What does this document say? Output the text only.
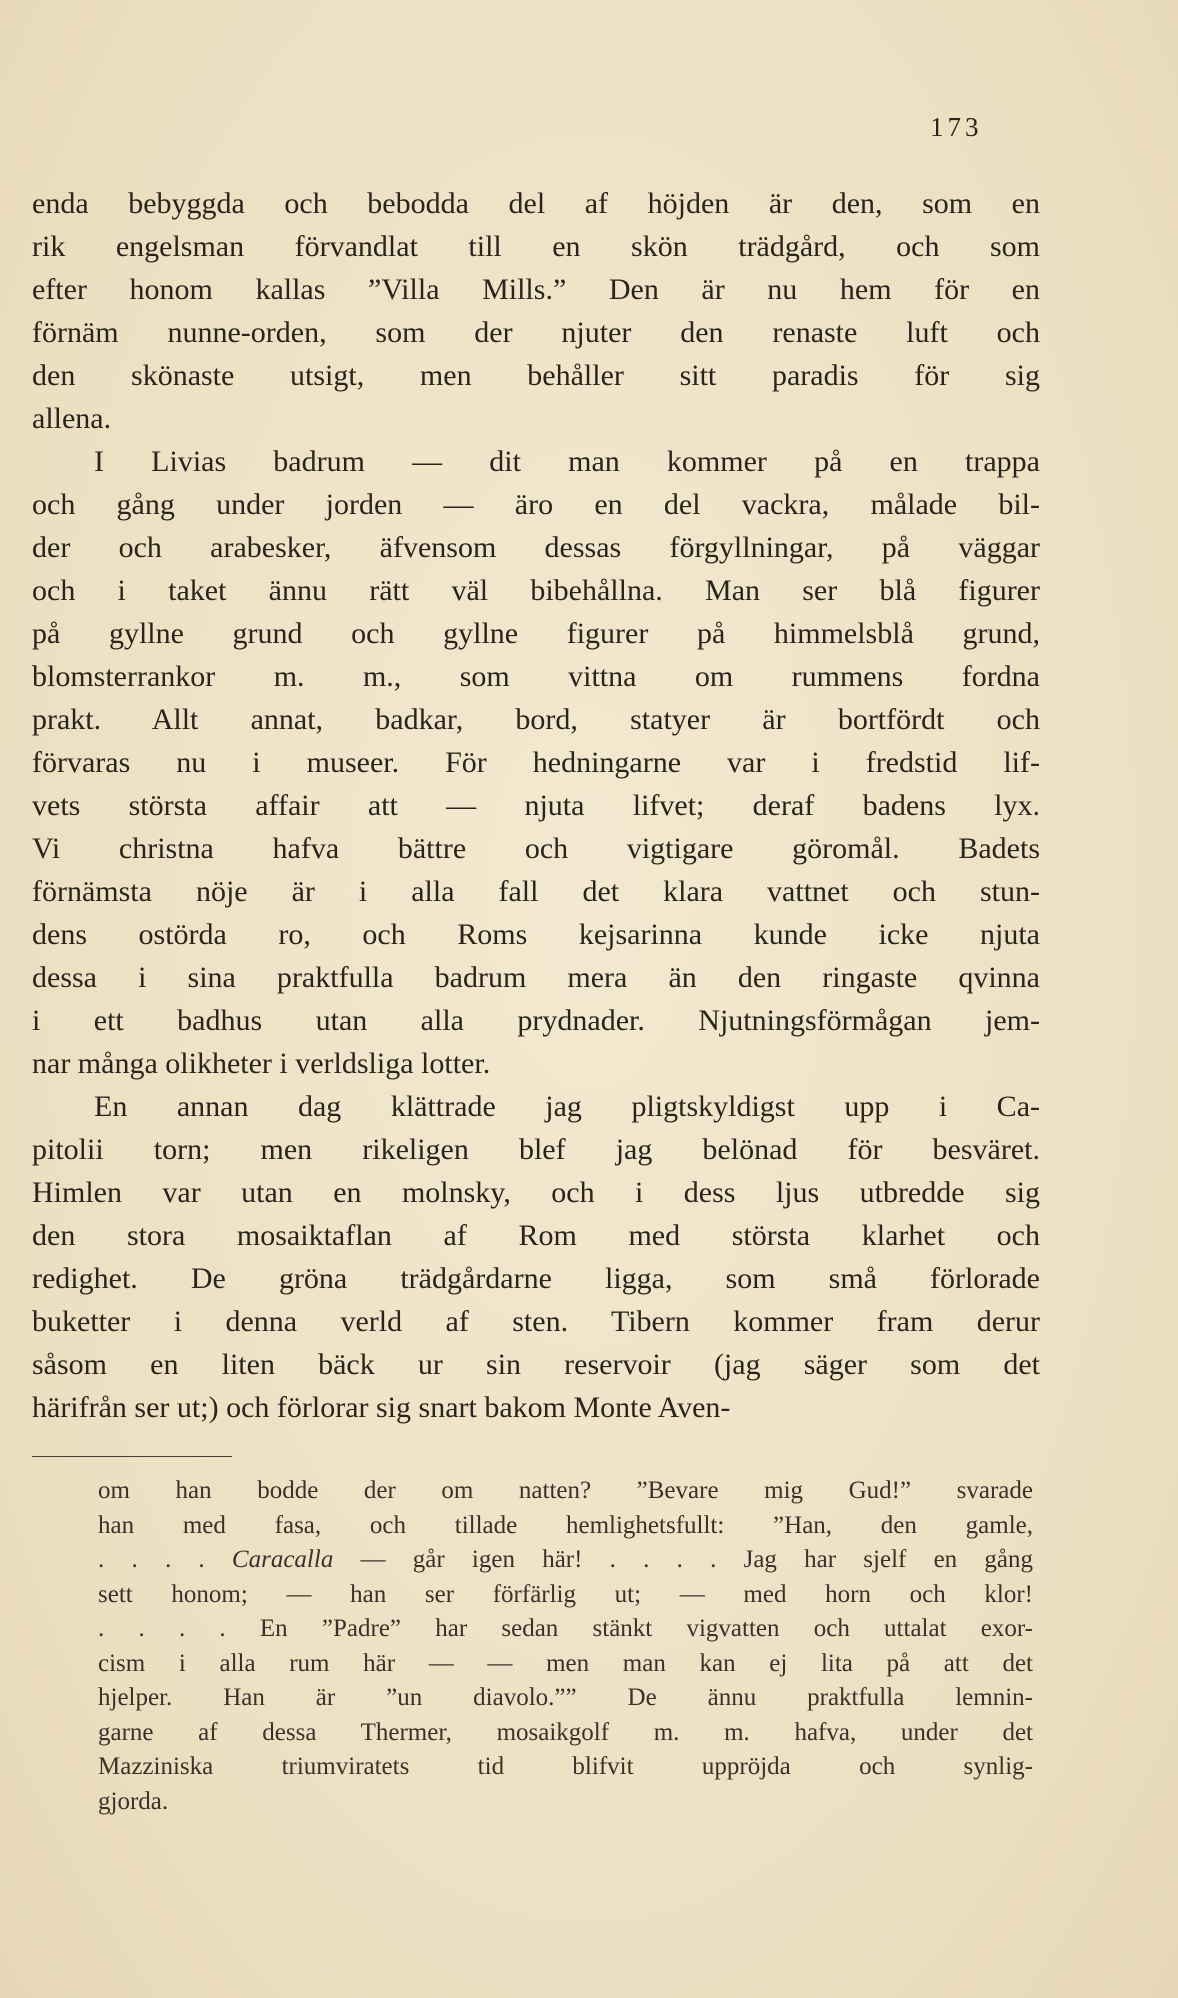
173
enda bebyggda och bebodda del af höjden är den, som en
rik engelsman förvandlat till en skön trädgård, och som
efter honom kallas ”Villa Mills.” Den är nu hem för en
förnäm nunne-orden, som der njuter den renaste luft och
den skönaste utsigt, men behåller sitt paradis för sig
allena.
I Livias badrum — dit man kommer på en trappa
och gång under jorden — äro en del vackra, målade bil-
der och arabesker, äfvensom dessas förgyllningar, på väggar
och i taket ännu rätt väl bibehållna. Man ser blå figurer
på gyllne grund och gyllne figurer på himmelsblå grund,
blomsterrankor m. m., som vittna om rummens fordna
prakt. Allt annat, badkar, bord, statyer är bortfördt och
förvaras nu i museer. För hedningarne var i fredstid lif-
vets största affair att — njuta lifvet; deraf badens lyx.
Vi christna hafva bättre och vigtigare göromål. Badets
förnämsta nöje är i alla fall det klara vattnet och stun-
dens ostörda ro, och Roms kejsarinna kunde icke njuta
dessa i sina praktfulla badrum mera än den ringaste qvinna
i ett badhus utan alla prydnader. Njutningsförmågan jem-
nar många olikheter i verldsliga lotter.
En annan dag klättrade jag pligtskyldigst upp i Ca-
pitolii torn; men rikeligen blef jag belönad för besväret.
Himlen var utan en molnsky, och i dess ljus utbredde sig
den stora mosaiktaflan af Rom med största klarhet och
redighet. De gröna trädgårdarne ligga, som små förlorade
buketter i denna verld af sten. Tibern kommer fram derur
såsom en liten bäck ur sin reservoir (jag säger som det
härifrån ser ut;) och förlorar sig snart bakom Monte Aven-
om han bodde der om natten? ”Bevare mig Gud!” svarade
han med fasa, och tillade hemlighetsfullt: ”Han, den gamle,
. . . . Caracalla — går igen här! . . . . Jag har sjelf en gång
sett honom; — han ser förfärlig ut; — med horn och klor!
. . . . En ”Padre” har sedan stänkt vigvatten och uttalat exor-
cism i alla rum här — — men man kan ej lita på att det
hjelper. Han är ”un diavolo.”” De ännu praktfulla lemnin-
garne af dessa Thermer, mosaikgolf m. m. hafva, under det
Mazziniska triumviratets tid blifvit uppröjda och synlig-
gjorda.
